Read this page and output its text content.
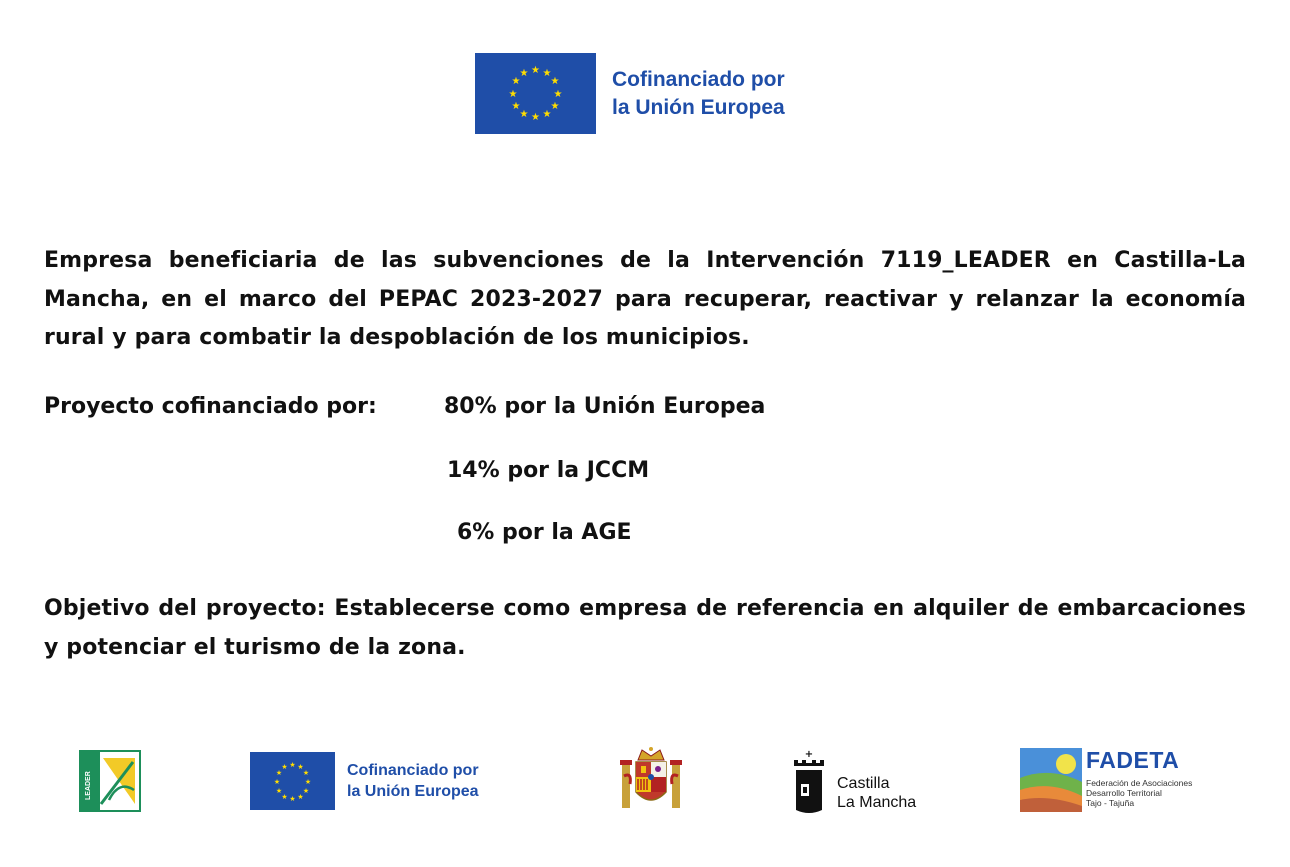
★ ★
★
★
★
★
★
★
★
★
★
★	Cofinanciado por
la Unión Europea
Empresa beneficiaria de las subvenciones de la Intervención 7119_LEADER en Castilla-La Mancha, en el marco del PEPAC 2023-2027 para recuperar, reactivar y relanzar la economía rural y para combatir la despoblación de los municipios.
Proyecto cofinanciado por:	80% por la Unión Europea
14% por la JCCM
6% por la AGE
Objetivo del proyecto: Establecerse como empresa de referencia en alquiler de embarcaciones y potenciar el turismo de la zona.
LEADER
★ ★
★
★
★
★
★
★
★
★
★
★	Cofinanciado por
la Unión Europea
+
Castilla
La Mancha
FADETA
Federación de Asociaciones
Desarrollo Territorial
Tajo - Tajuña
